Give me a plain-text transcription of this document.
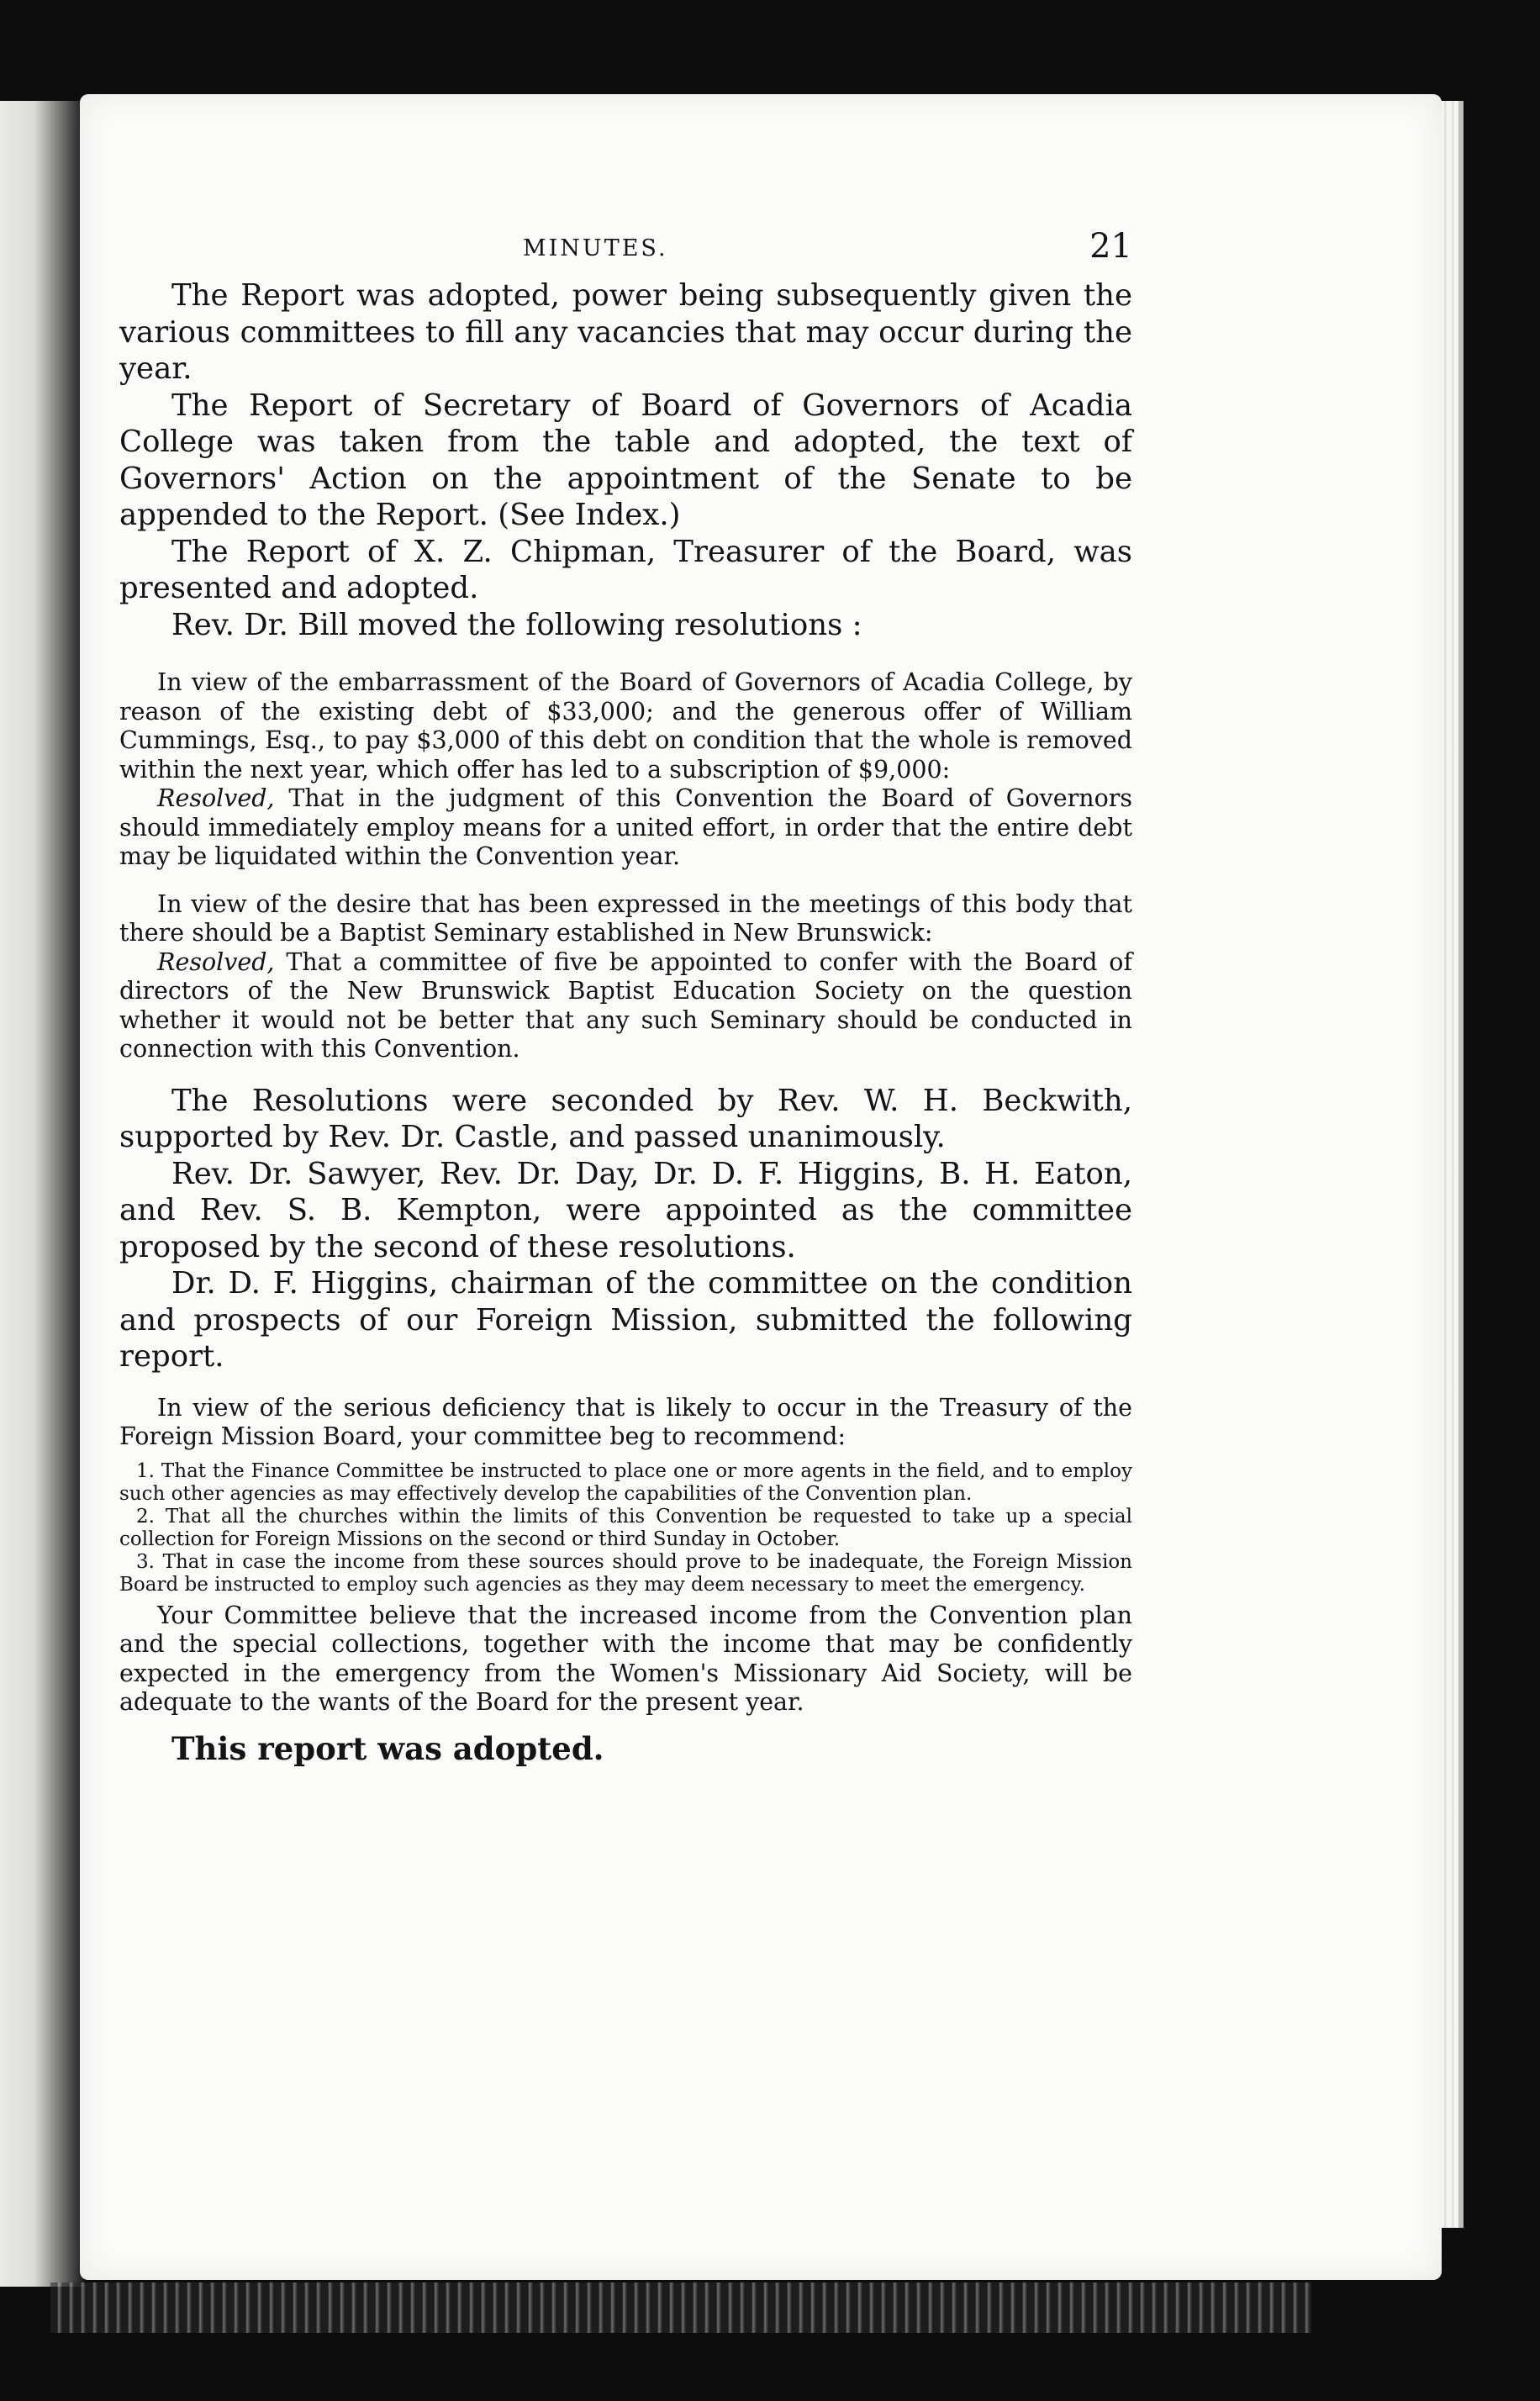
MINUTES.	21

The Report was adopted, power being subsequently given the various committees to fill any vacancies that may occur during the year.

The Report of Secretary of Board of Governors of Acadia College was taken from the table and adopted, the text of Governors' Action on the appointment of the Senate to be appended to the Report. (See Index.)

The Report of X. Z. Chipman, Treasurer of the Board, was presented and adopted.

Rev. Dr. Bill moved the following resolutions :

In view of the embarrassment of the Board of Governors of Acadia College, by reason of the existing debt of $33,000; and the generous offer of William Cummings, Esq., to pay $3,000 of this debt on condition that the whole is removed within the next year, which offer has led to a subscription of $9,000:

Resolved, That in the judgment of this Convention the Board of Governors should immediately employ means for a united effort, in order that the entire debt may be liquidated within the Convention year.

In view of the desire that has been expressed in the meetings of this body that there should be a Baptist Seminary established in New Brunswick:

Resolved, That a committee of five be appointed to confer with the Board of directors of the New Brunswick Baptist Education Society on the question whether it would not be better that any such Seminary should be conducted in connection with this Convention.

The Resolutions were seconded by Rev. W. H. Beckwith, supported by Rev. Dr. Castle, and passed unanimously.

Rev. Dr. Sawyer, Rev. Dr. Day, Dr. D. F. Higgins, B. H. Eaton, and Rev. S. B. Kempton, were appointed as the committee proposed by the second of these resolutions.

Dr. D. F. Higgins, chairman of the committee on the condition and prospects of our Foreign Mission, submitted the following report.

In view of the serious deficiency that is likely to occur in the Treasury of the Foreign Mission Board, your committee beg to recommend:

1. That the Finance Committee be instructed to place one or more agents in the field, and to employ such other agencies as may effectively develop the capabilities of the Convention plan.

2. That all the churches within the limits of this Convention be requested to take up a special collection for Foreign Missions on the second or third Sunday in October.

3. That in case the income from these sources should prove to be inadequate, the Foreign Mission Board be instructed to employ such agencies as they may deem necessary to meet the emergency.

Your Committee believe that the increased income from the Convention plan and the special collections, together with the income that may be confidently expected in the emergency from the Women's Missionary Aid Society, will be adequate to the wants of the Board for the present year.

This report was adopted.
